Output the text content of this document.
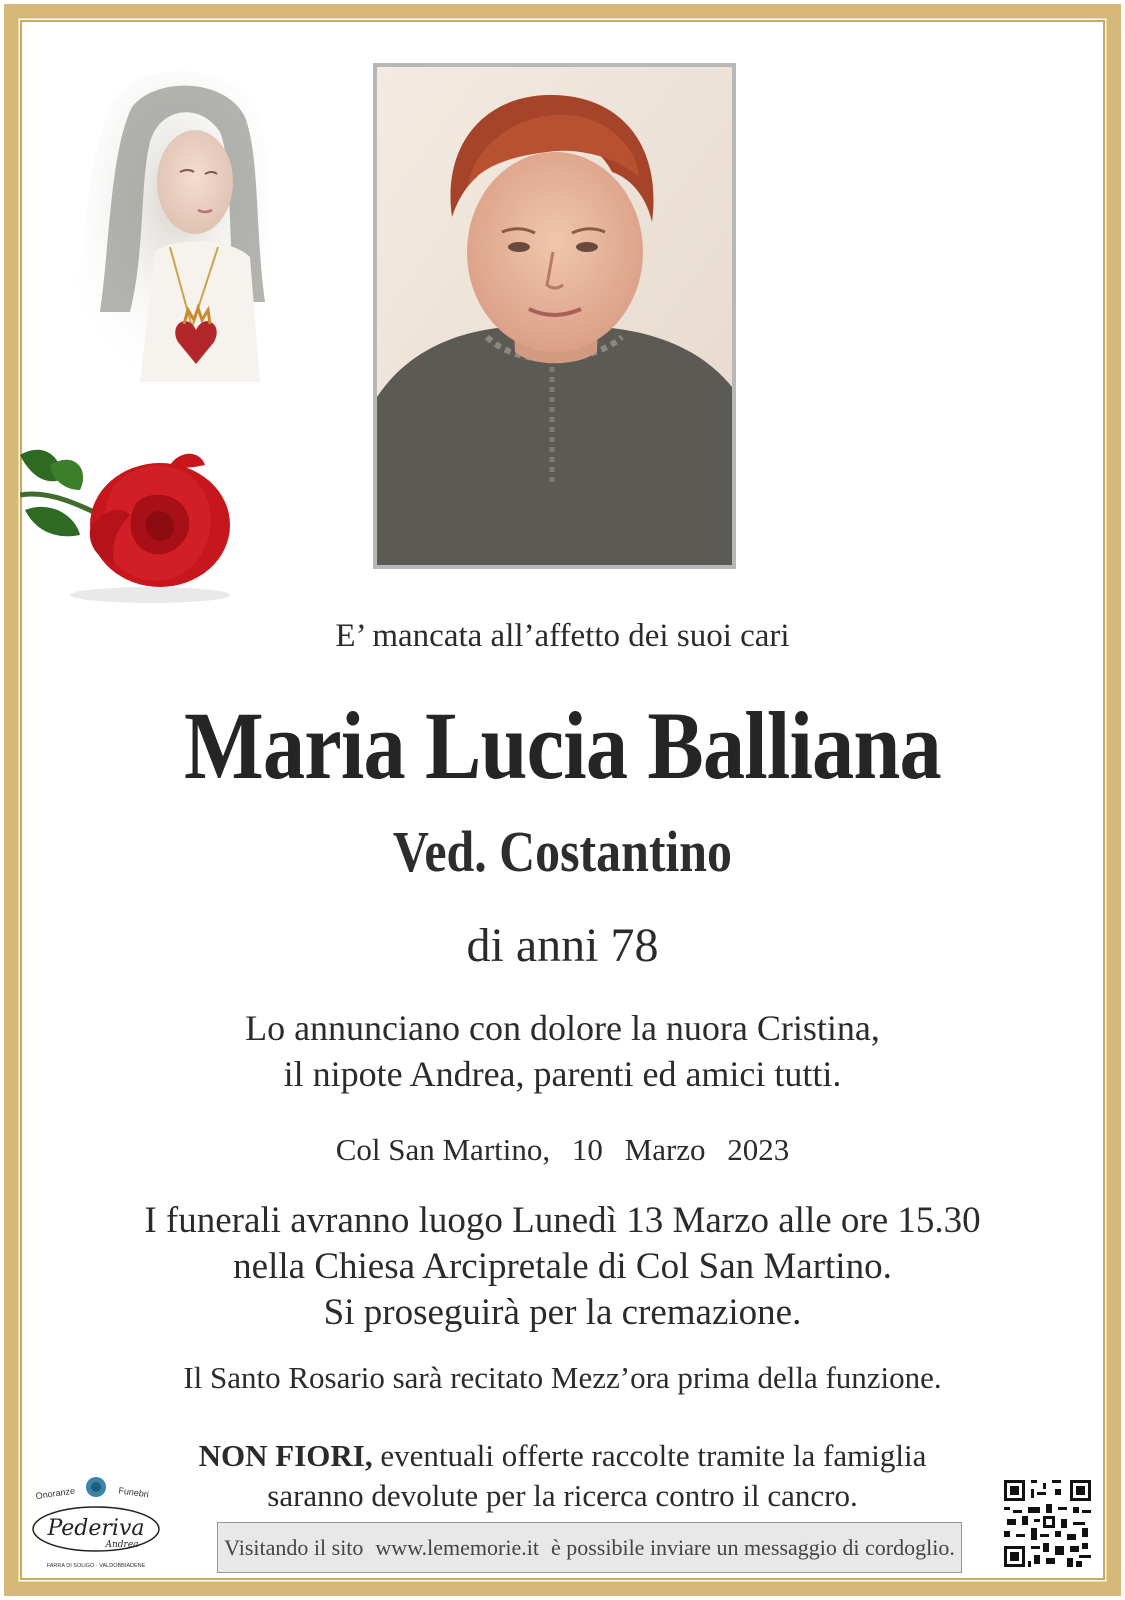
E’ mancata all’affetto dei suoi cari
Maria Lucia Balliana
Ved. Costantino
di anni 78
Lo annunciano con dolore la nuora Cristina,
il nipote Andrea, parenti ed amici tutti.
Col San Martino, 10 Marzo 2023
I funerali avranno luogo Lunedì 13 Marzo alle ore 15.30
nella Chiesa Arcipretale di Col San Martino.
Si proseguirà per la cremazione.
Il Santo Rosario sarà recitato Mezz’ora prima della funzione.
NON FIORI, eventuali offerte raccolte tramite la famiglia
saranno devolute per la ricerca contro il cancro.
Visitando il sito www.lememorie.it è possibile inviare un messaggio di cordoglio.
Onoranze	Funebri
Pederiva
Andrea
FARRA DI SOLIGO · VALDOBBIADENE
